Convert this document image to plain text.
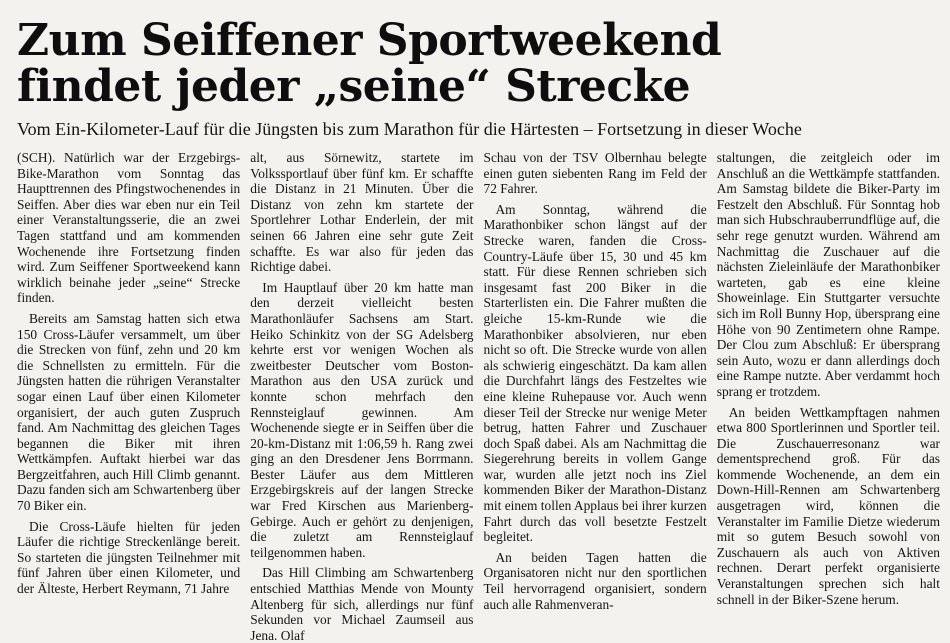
Zum Seiffener Sportweekend
findet jeder „seine“ Strecke
Vom Ein-Kilometer-Lauf für die Jüngsten bis zum Marathon für die Härtesten – Fortsetzung in dieser Woche

(SCH). Natürlich war der Erzgebirgs-Bike-Marathon vom Sonntag das Haupttrennen des Pfingstwochenendes in Seiffen. Aber dies war eben nur ein Teil einer Veranstaltungsserie, die an zwei Tagen stattfand und am kommenden Wochenende ihre Fortsetzung finden wird. Zum Seiffener Sportweekend kann wirklich beinahe jeder „seine“ Strecke finden.

Bereits am Samstag hatten sich etwa 150 Cross-Läufer versammelt, um über die Strecken von fünf, zehn und 20 km die Schnellsten zu ermitteln. Für die Jüngsten hatten die rührigen Veranstalter sogar einen Lauf über einen Kilometer organisiert, der auch guten Zuspruch fand. Am Nachmittag des gleichen Tages begannen die Biker mit ihren Wettkämpfen. Auftakt hierbei war das Bergzeitfahren, auch Hill Climb genannt. Dazu fanden sich am Schwartenberg über 70 Biker ein.

Die Cross-Läufe hielten für jeden Läufer die richtige Streckenlänge bereit. So starteten die jüngsten Teilnehmer mit fünf Jahren über einen Kilometer, und der Älteste, Herbert Reymann, 71 Jahre

alt, aus Sörnewitz, startete im Volkssportlauf über fünf km. Er schaffte die Distanz in 21 Minuten. Über die Distanz von zehn km startete der Sportlehrer Lothar Enderlein, der mit seinen 66 Jahren eine sehr gute Zeit schaffte. Es war also für jeden das Richtige dabei.

Im Hauptlauf über 20 km hatte man den derzeit vielleicht besten Marathonläufer Sachsens am Start. Heiko Schinkitz von der SG Adelsberg kehrte erst vor wenigen Wochen als zweitbester Deutscher vom Boston-Marathon aus den USA zurück und konnte schon mehrfach den Rennsteiglauf gewinnen. Am Wochenende siegte er in Seiffen über die 20-km-Distanz mit 1:06,59 h. Rang zwei ging an den Dresdener Jens Borrmann. Bester Läufer aus dem Mittleren Erzgebirgskreis auf der langen Strecke war Fred Kirschen aus Marienberg-Gebirge. Auch er gehört zu denjenigen, die zuletzt am Rennsteiglauf teilgenommen haben.

Das Hill Climbing am Schwartenberg entschied Matthias Mende von Mounty Altenberg für sich, allerdings nur fünf Sekunden vor Michael Zaumseil aus Jena. Olaf

Schau von der TSV Olbernhau belegte einen guten siebenten Rang im Feld der 72 Fahrer.

Am Sonntag, während die Marathonbiker schon längst auf der Strecke waren, fanden die Cross-Country-Läufe über 15, 30 und 45 km statt. Für diese Rennen schrieben sich insgesamt fast 200 Biker in die Starterlisten ein. Die Fahrer mußten die gleiche 15-km-Runde wie die Marathonbiker absolvieren, nur eben nicht so oft. Die Strecke wurde von allen als schwierig eingeschätzt. Da kam allen die Durchfahrt längs des Festzeltes wie eine kleine Ruhepause vor. Auch wenn dieser Teil der Strecke nur wenige Meter betrug, hatten Fahrer und Zuschauer doch Spaß dabei. Als am Nachmittag die Siegerehrung bereits in vollem Gange war, wurden alle jetzt noch ins Ziel kommenden Biker der Marathon-Distanz mit einem tollen Applaus bei ihrer kurzen Fahrt durch das voll besetzte Festzelt begleitet.

An beiden Tagen hatten die Organisatoren nicht nur den sportlichen Teil hervorragend organisiert, sondern auch alle Rahmenveran-

staltungen, die zeitgleich oder im Anschluß an die Wettkämpfe stattfanden. Am Samstag bildete die Biker-Party im Festzelt den Abschluß. Für Sonntag hob man sich Hubschrauberrundflüge auf, die sehr rege genutzt wurden. Während am Nachmittag die Zuschauer auf die nächsten Zieleinläufe der Marathonbiker warteten, gab es eine kleine Showeinlage. Ein Stuttgarter versuchte sich im Roll Bunny Hop, übersprang eine Höhe von 90 Zentimetern ohne Rampe. Der Clou zum Abschluß: Er übersprang sein Auto, wozu er dann allerdings doch eine Rampe nutzte. Aber verdammt hoch sprang er trotzdem.

An beiden Wettkampftagen nahmen etwa 800 Sportlerinnen und Sportler teil. Die Zuschauerresonanz war dementsprechend groß. Für das kommende Wochenende, an dem ein Down-Hill-Rennen am Schwartenberg ausgetragen wird, können die Veranstalter im Familie Dietze wiederum mit so gutem Besuch sowohl von Zuschauern als auch von Aktiven rechnen. Derart perfekt organisierte Veranstaltungen sprechen sich halt schnell in der Biker-Szene herum.
